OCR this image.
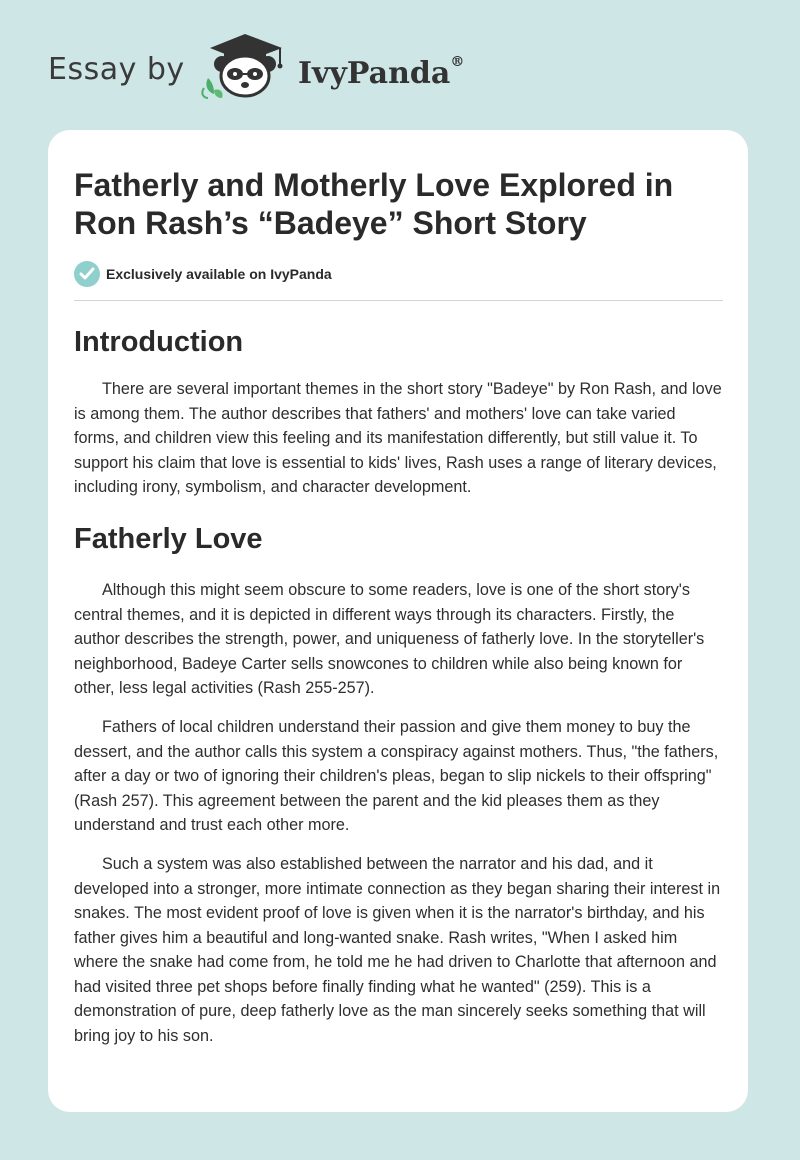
Essay by	IvyPanda®
Fatherly and Motherly Love Explored in Ron Rash’s “Badeye” Short Story
Exclusively available on IvyPanda
Introduction

There are several important themes in the short story "Badeye" by Ron Rash, and love is among them. The author describes that fathers' and mothers' love can take varied forms, and children view this feeling and its manifestation differently, but still value it. To support his claim that love is essential to kids' lives, Rash uses a range of literary devices, including irony, symbolism, and character development.

Fatherly Love

Although this might seem obscure to some readers, love is one of the short story's central themes, and it is depicted in different ways through its characters. Firstly, the author describes the strength, power, and uniqueness of fatherly love. In the storyteller's neighborhood, Badeye Carter sells snowcones to children while also being known for other, less legal activities (Rash 255-257).

Fathers of local children understand their passion and give them money to buy the dessert, and the author calls this system a conspiracy against mothers. Thus, "the fathers, after a day or two of ignoring their children's pleas, began to slip nickels to their offspring" (Rash 257). This agreement between the parent and the kid pleases them as they understand and trust each other more.

Such a system was also established between the narrator and his dad, and it developed into a stronger, more intimate connection as they began sharing their interest in snakes. The most evident proof of love is given when it is the narrator's birthday, and his father gives him a beautiful and long-wanted snake. Rash writes, "When I asked him where the snake had come from, he told me he had driven to Charlotte that afternoon and had visited three pet shops before finally finding what he wanted" (259). This is a demonstration of pure, deep fatherly love as the man sincerely seeks something that will bring joy to his son.
